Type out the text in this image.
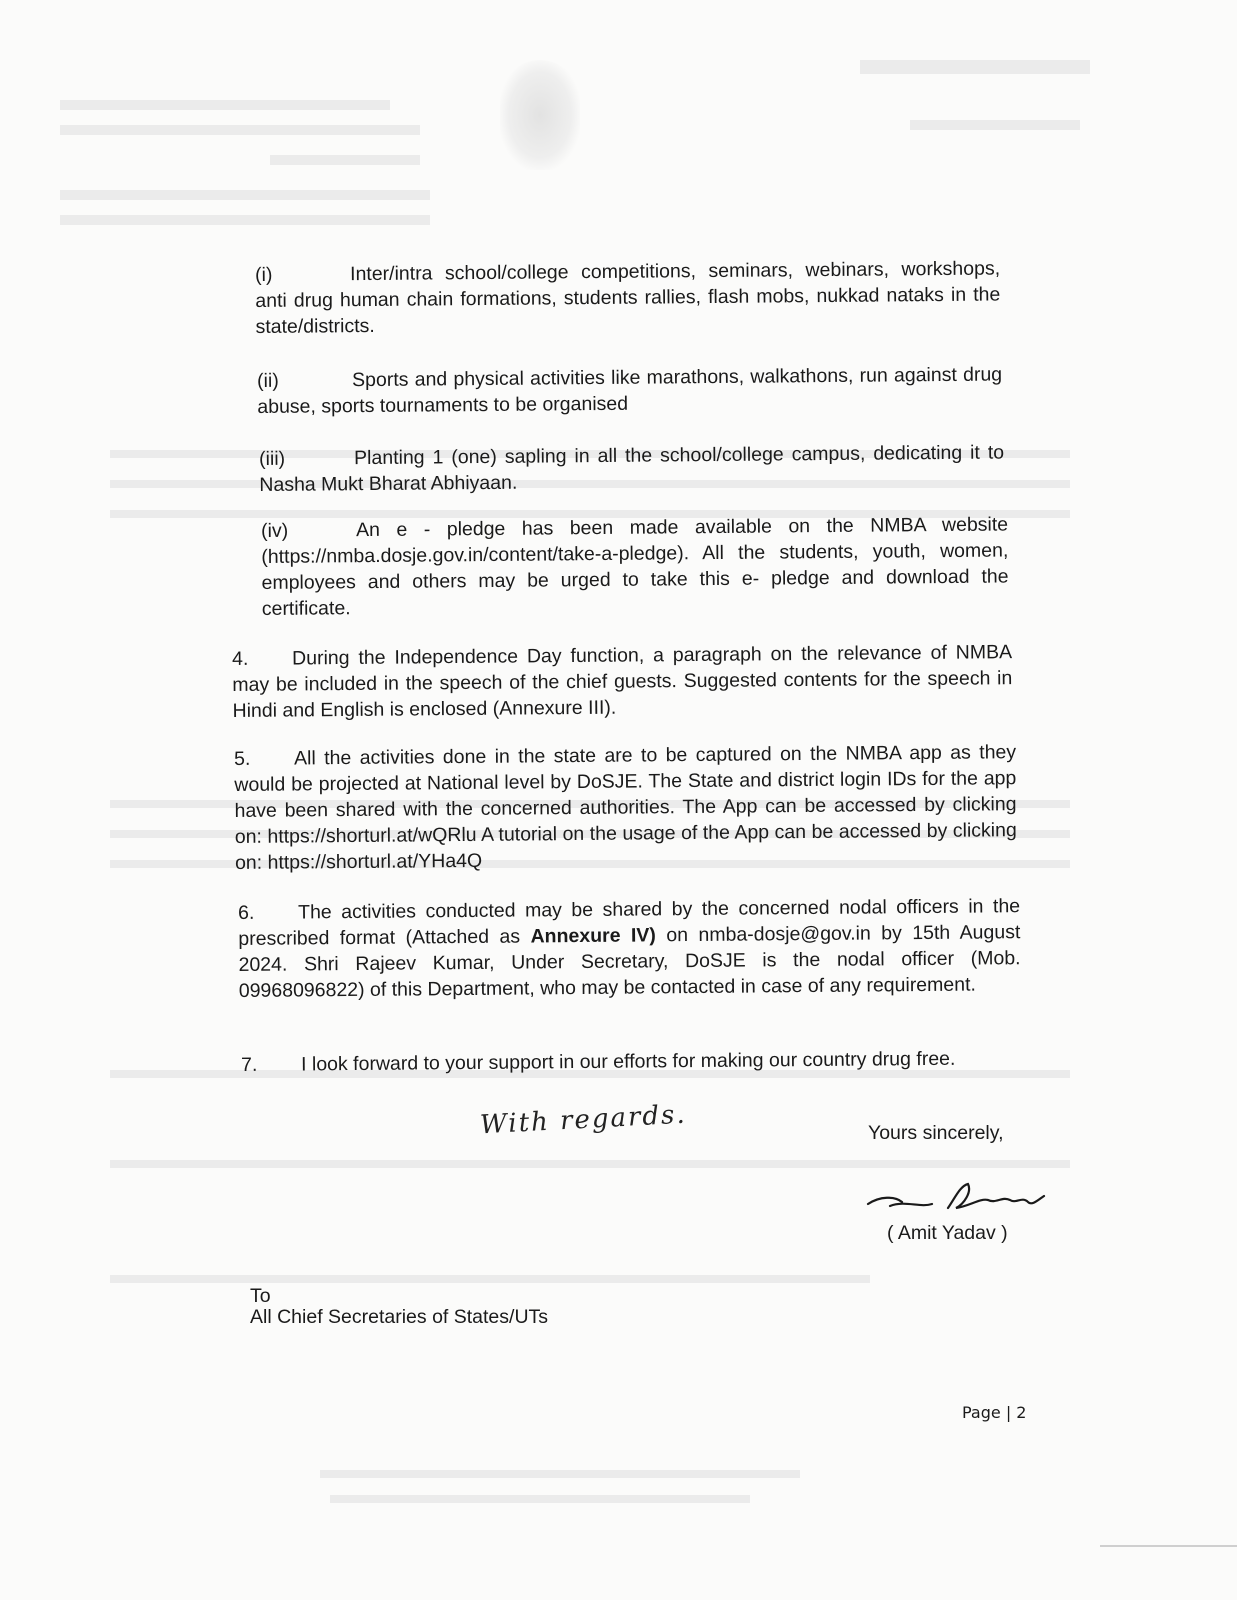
(i)	Inter/intra school/college competitions, seminars, webinars, workshops, anti drug human chain formations, students rallies, flash mobs, nukkad nataks in the state/districts.

(ii)	Sports and physical activities like marathons, walkathons, run against drug abuse, sports tournaments to be organised

(iii)	Planting 1 (one) sapling in all the school/college campus, dedicating it to Nasha Mukt Bharat Abhiyaan.

(iv)	An e - pledge has been made available on the NMBA website (https://nmba.dosje.gov.in/content/take-a-pledge). All the students, youth, women, employees and others may be urged to take this e- pledge and download the certificate.

4. During the Independence Day function, a paragraph on the relevance of NMBA may be included in the speech of the chief guests. Suggested contents for the speech in Hindi and English is enclosed (Annexure III).

5. All the activities done in the state are to be captured on the NMBA app as they would be projected at National level by DoSJE. The State and district login IDs for the app have been shared with the concerned authorities. The App can be accessed by clicking on: https://shorturl.at/wQRlu A tutorial on the usage of the App can be accessed by clicking on: https://shorturl.at/YHa4Q

6. The activities conducted may be shared by the concerned nodal officers in the prescribed format (Attached as Annexure IV) on nmba-dosje@gov.in by 15th August 2024. Shri Rajeev Kumar, Under Secretary, DoSJE is the nodal officer (Mob. 09968096822) of this Department, who may be contacted in case of any requirement.

7. I look forward to your support in our efforts for making our country drug free.

With regards.	Yours sincerely,
( Amit Yadav )
To
All Chief Secretaries of States/UTs
Page | 2
